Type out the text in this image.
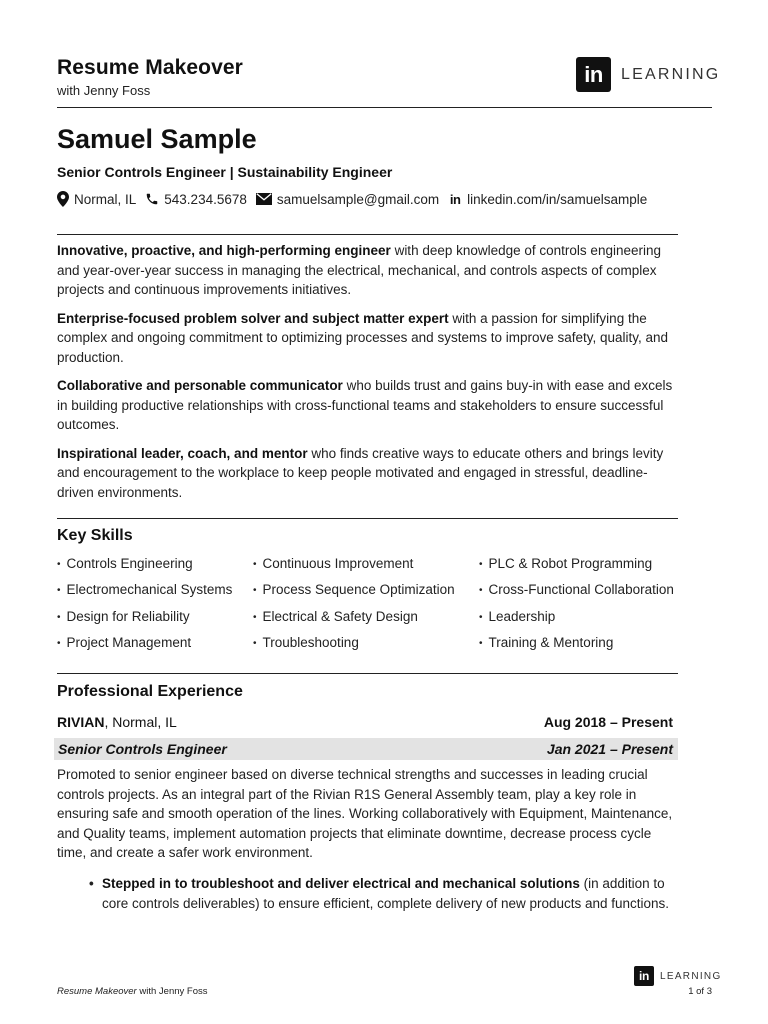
Resume Makeover
with Jenny Foss
in	LEARNING
Samuel Sample
Senior Controls Engineer | Sustainability Engineer
Normal, IL 543.234.5678 samuelsample@gmail.com in linkedin.com/in/samuelsample

Innovative, proactive, and high-performing engineer with deep knowledge of controls engineering and year-over-year success in managing the electrical, mechanical, and controls aspects of complex projects and continuous improvements initiatives.

Enterprise-focused problem solver and subject matter expert with a passion for simplifying the complex and ongoing commitment to optimizing processes and systems to improve safety, quality, and production.

Collaborative and personable communicator who builds trust and gains buy-in with ease and excels in building productive relationships with cross-functional teams and stakeholders to ensure successful outcomes.

Inspirational leader, coach, and mentor who finds creative ways to educate others and brings levity and encouragement to the workplace to keep people motivated and engaged in stressful, deadline-driven environments.

Key Skills
• Controls Engineering
• Electromechanical Systems
• Design for Reliability
• Project Management
• Continuous Improvement
• Process Sequence Optimization
• Electrical & Safety Design
• Troubleshooting
• PLC & Robot Programming
• Cross-Functional Collaboration
• Leadership
• Training & Mentoring
Professional Experience
RIVIAN, Normal, IL	Aug 2018 – Present
Senior Controls Engineer	Jan 2021 – Present
Promoted to senior engineer based on diverse technical strengths and successes in leading crucial controls projects. As an integral part of the Rivian R1S General Assembly team, play a key role in ensuring safe and smooth operation of the lines. Working collaboratively with Equipment, Maintenance, and Quality teams, implement automation projects that eliminate downtime, decrease process cycle time, and create a safer work environment.
• Stepped in to troubleshoot and deliver electrical and mechanical solutions (in addition to core controls deliverables) to ensure efficient, complete delivery of new products and functions.
Resume Makeover with Jenny Foss
in	LEARNING
1 of 3
